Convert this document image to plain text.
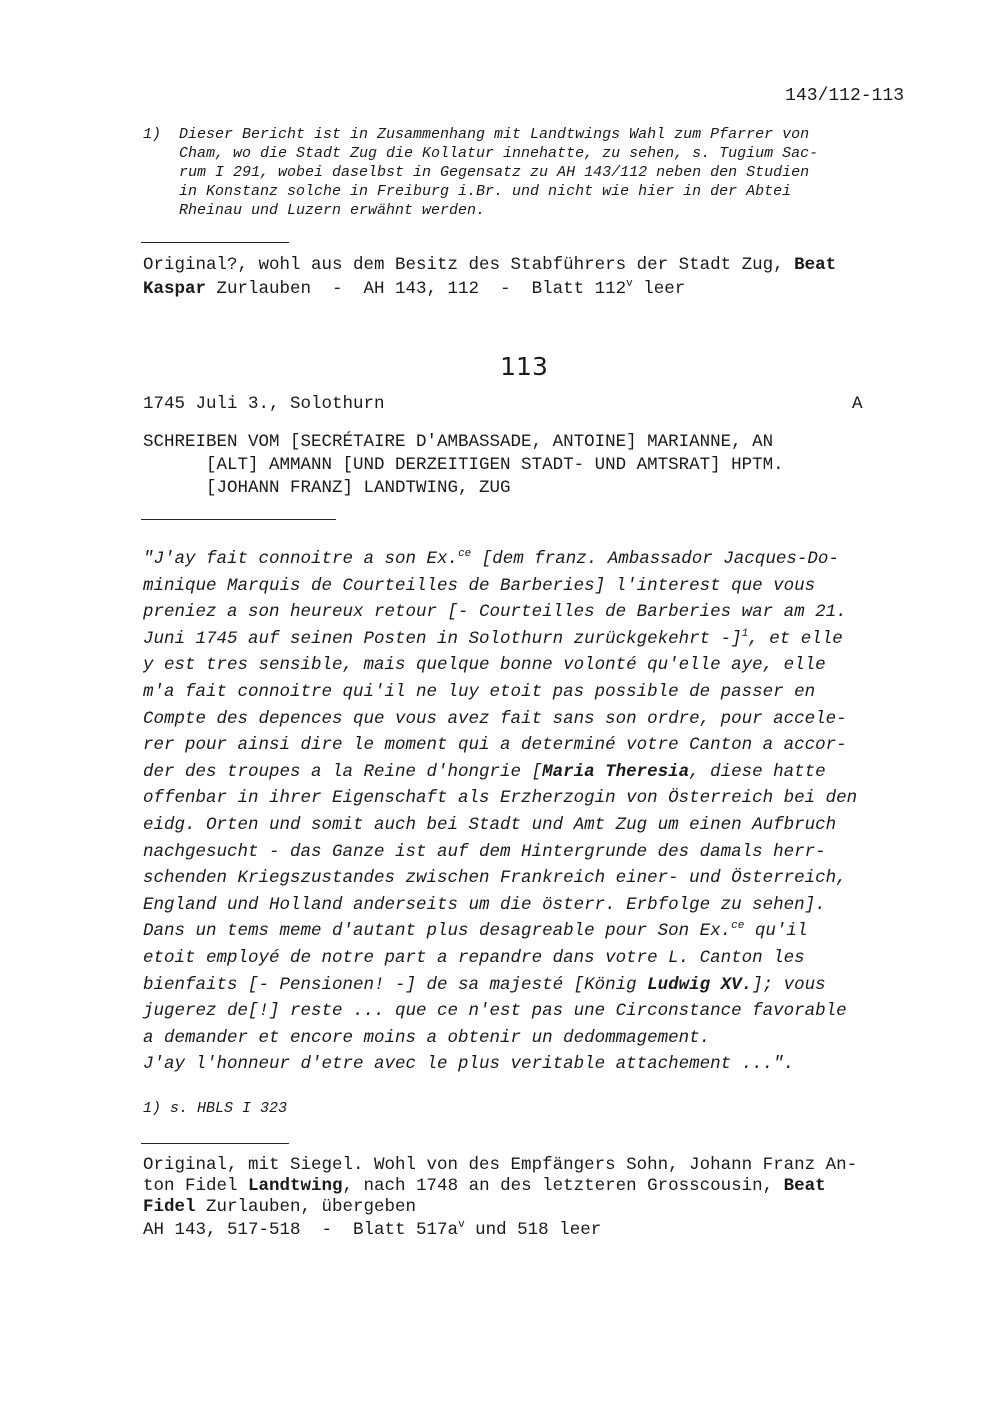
143/112-113
1) Dieser Bericht ist in Zusammenhang mit Landtwings Wahl zum Pfarrer von
Cham, wo die Stadt Zug die Kollatur innehatte, zu sehen, s. Tugium Sac-
rum I 291, wobei daselbst in Gegensatz zu AH 143/112 neben den Studien
in Konstanz solche in Freiburg i.Br. und nicht wie hier in der Abtei
Rheinau und Luzern erwähnt werden.
Original?, wohl aus dem Besitz des Stabführers der Stadt Zug, Beat
Kaspar Zurlauben  -  AH 143, 112  -  Blatt 112$^v$ leer
113
1745 Juli 3., Solothurn	A
SCHREIBEN VOM [SECRÉTAIRE D'AMBASSADE, ANTOINE] MARIANNE, AN
[ALT] AMMANN [UND DERZEITIGEN STADT- UND AMTSRAT] HPTM.
[JOHANN FRANZ] LANDTWING, ZUG
"J'ay fait connoitre a son Ex.$^{ce}$ [dem franz. Ambassador Jacques-Do-
minique Marquis de Courteilles de Barberies] l'interest que vous
preniez a son heureux retour [- Courteilles de Barberies war am 21.
Juni 1745 auf seinen Posten in Solothurn zurückgekehrt -]$^1$, et elle
y est tres sensible, mais quelque bonne volonté qu'elle aye, elle
m'a fait connoitre qui'il ne luy etoit pas possible de passer en
Compte des depences que vous avez fait sans son ordre, pour accele-
rer pour ainsi dire le moment qui a determiné votre Canton a accor-
der des troupes a la Reine d'hongrie [Maria Theresia, diese hatte
offenbar in ihrer Eigenschaft als Erzherzogin von Österreich bei den
eidg. Orten und somit auch bei Stadt und Amt Zug um einen Aufbruch
nachgesucht - das Ganze ist auf dem Hintergrunde des damals herr-
schenden Kriegszustandes zwischen Frankreich einer- und Österreich,
England und Holland anderseits um die österr. Erbfolge zu sehen].
Dans un tems meme d'autant plus desagreable pour Son Ex.$^{ce}$ qu'il
etoit employé de notre part a repandre dans votre L. Canton les
bienfaits [- Pensionen! -] de sa majesté [König Ludwig XV.]; vous
jugerez de[!] reste ... que ce n'est pas une Circonstance favorable
a demander et encore moins a obtenir un dedommagement.
J'ay l'honneur d'etre avec le plus veritable attachement ...".
1) s. HBLS I 323
Original, mit Siegel. Wohl von des Empfängers Sohn, Johann Franz An-
ton Fidel Landtwing, nach 1748 an des letzteren Grosscousin, Beat
Fidel Zurlauben, übergeben
AH 143, 517-518  -  Blatt $517a^v$ und 518 leer
